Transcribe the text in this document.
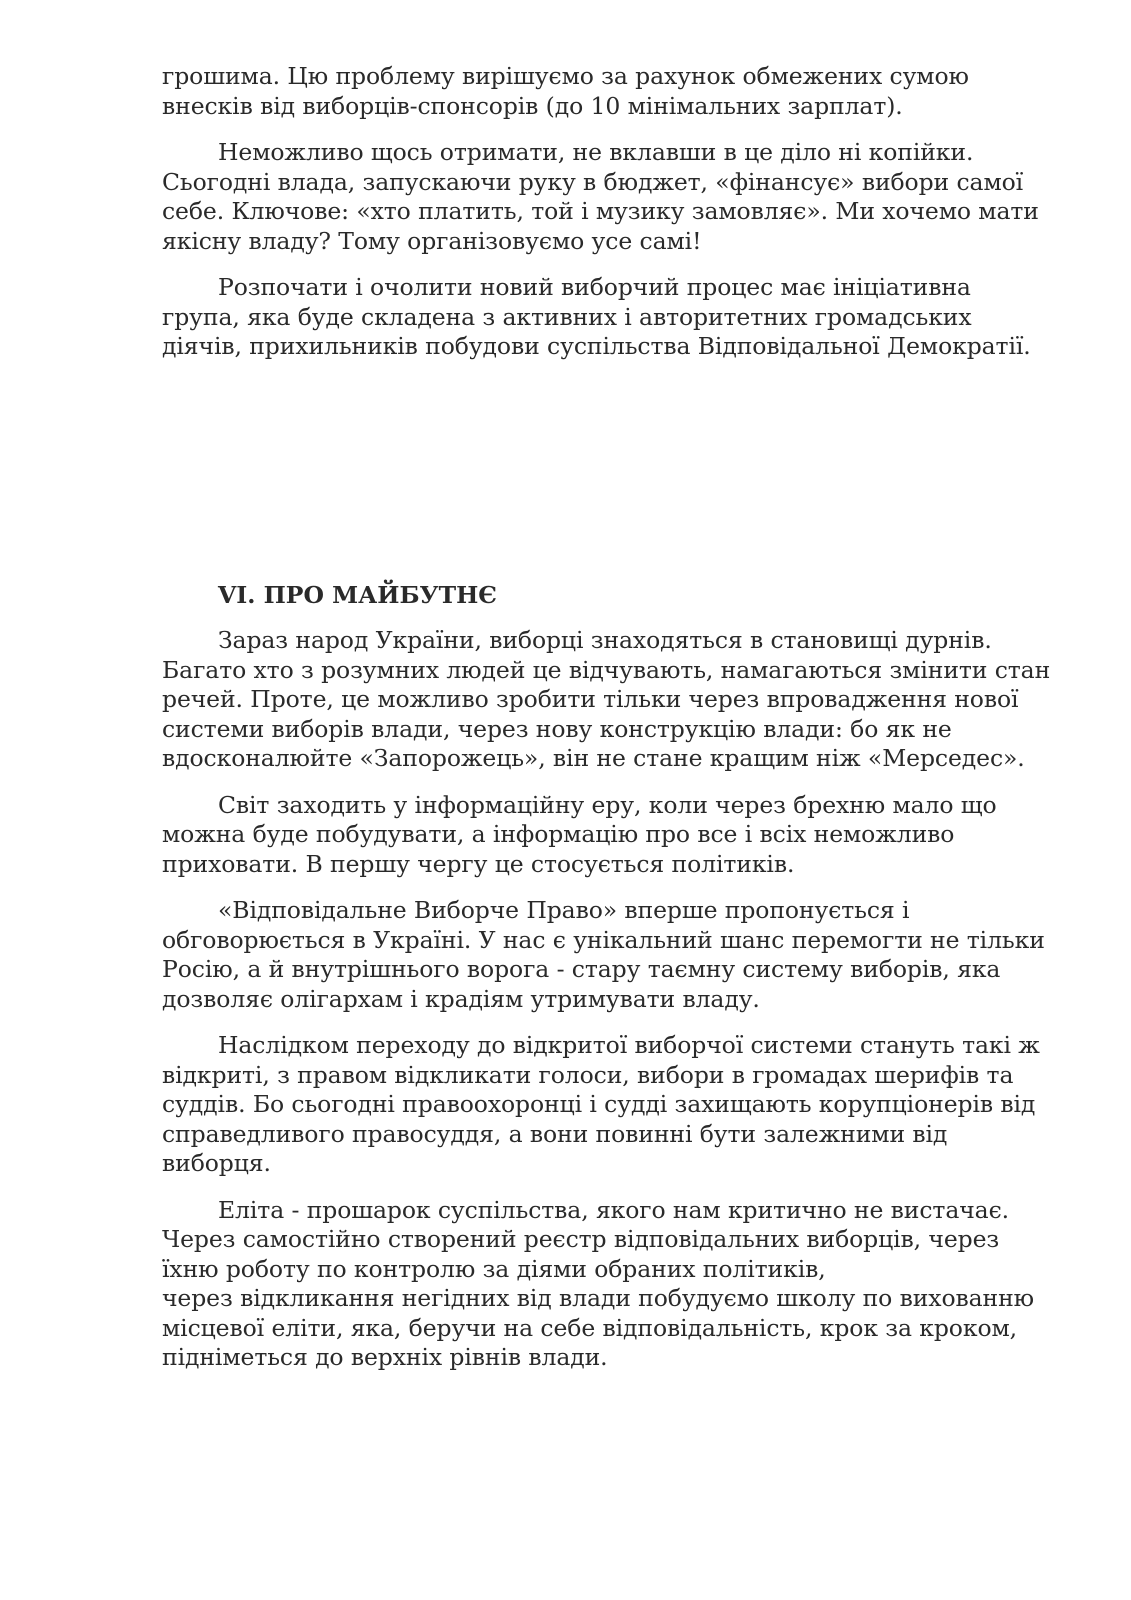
грошима. Цю проблему вирішуємо за рахунок обмежених сумою
внесків від виборців-спонсорів (до 10 мінімальних зарплат).

Неможливо щось отримати, не вклавши в це діло ні копійки.
Сьогодні влада, запускаючи руку в бюджет, «фінансує» вибори самої
себе. Ключове: «хто платить, той і музику замовляє». Ми хочемо мати
якісну владу? Тому організовуємо усе самі!

Розпочати і очолити новий виборчий процес має ініціативна
група, яка буде складена з активних і авторитетних громадських
діячів, прихильників побудови суспільства Відповідальної Демократії.

VI. ПРО МАЙБУТНЄ

Зараз народ України, виборці знаходяться в становищі дурнів.
Багато хто з розумних людей це відчувають, намагаються змінити стан
речей. Проте, це можливо зробити тільки через впровадження нової
системи виборів влади, через нову конструкцію влади: бо як не
вдосконалюйте «Запорожець», він не стане кращим ніж «Мерседес».

Світ заходить у інформаційну еру, коли через брехню мало що
можна буде побудувати, а інформацію про все і всіх неможливо
приховати. В першу чергу це стосується політиків.

«Відповідальне Виборче Право» вперше пропонується і
обговорюється в Україні. У нас є унікальний шанс перемогти не тільки
Росію, а й внутрішнього ворога - стару таємну систему виборів, яка
дозволяє олігархам і крадіям утримувати владу.

Наслідком переходу до відкритої виборчої системи стануть такі ж
відкриті, з правом відкликати голоси, вибори в громадах шерифів та
суддів. Бо сьогодні правоохоронці і судді захищають корупціонерів від
справедливого правосуддя, а вони повинні бути залежними від
виборця.

Еліта - прошарок суспільства, якого нам критично не вистачає.
Через самостійно створений реєстр відповідальних виборців, через
їхню роботу по контролю за діями обраних політиків,
через відкликання негідних від влади побудуємо школу по вихованню
місцевої еліти, яка, беручи на себе відповідальність, крок за кроком,
підніметься до верхніх рівнів влади.
